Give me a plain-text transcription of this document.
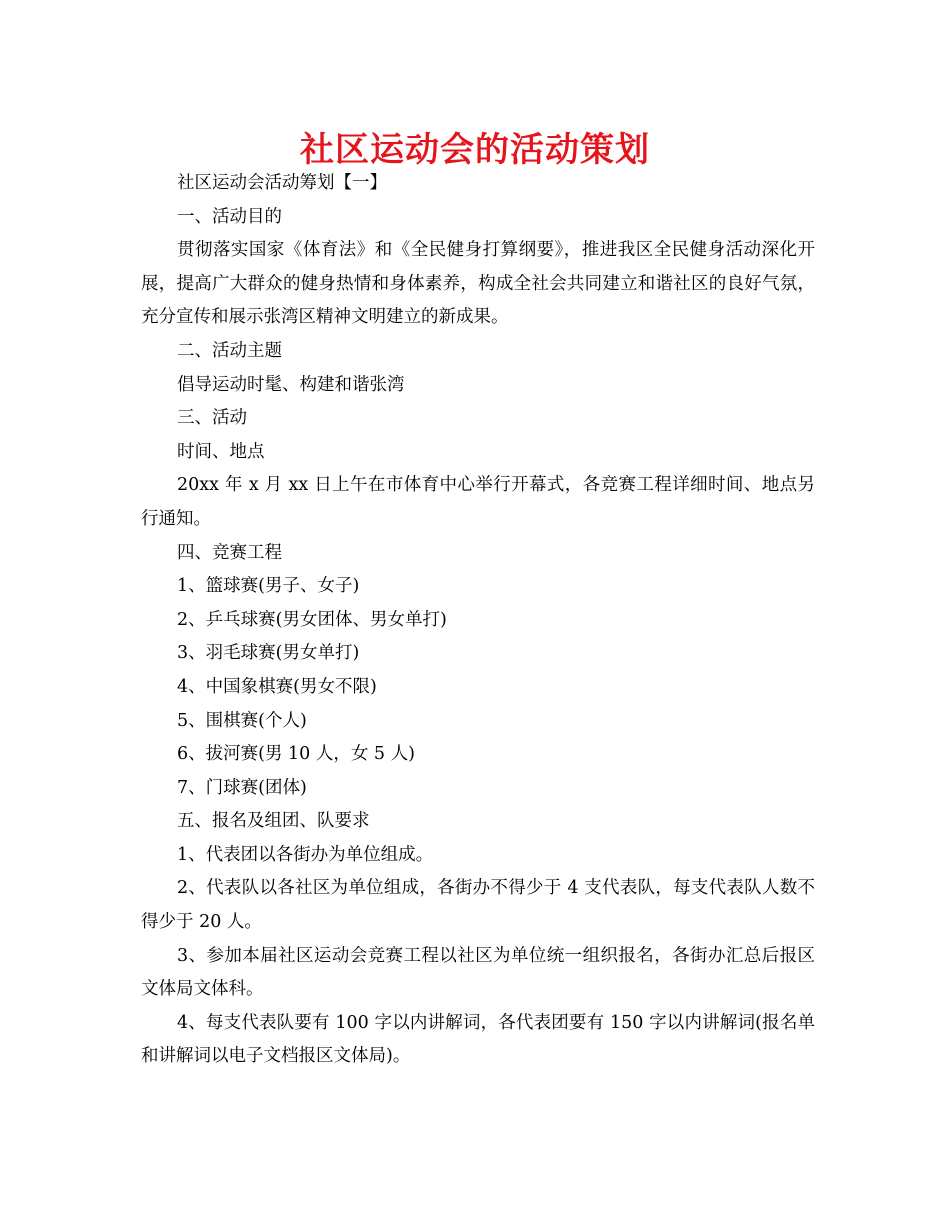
社区运动会的活动策划

社区运动会活动筹划【一】

一、活动目的

贯彻落实国家《体育法》和《全民健身打算纲要》，推进我区全民健身活动深化开展，提高广大群众的健身热情和身体素养，构成全社会共同建立和谐社区的良好气氛，充分宣传和展示张湾区精神文明建立的新成果。

二、活动主题

倡导运动时髦、构建和谐张湾

三、活动

时间、地点

20xx 年 x 月 xx 日上午在市体育中心举行开幕式，各竞赛工程详细时间、地点另行通知。

四、竞赛工程

1、篮球赛(男子、女子)

2、乒乓球赛(男女团体、男女单打)

3、羽毛球赛(男女单打)

4、中国象棋赛(男女不限)

5、围棋赛(个人)

6、拔河赛(男 10 人，女 5 人)

7、门球赛(团体)

五、报名及组团、队要求

1、代表团以各街办为单位组成。

2、代表队以各社区为单位组成，各街办不得少于 4 支代表队，每支代表队人数不得少于 20 人。

3、参加本届社区运动会竞赛工程以社区为单位统一组织报名，各街办汇总后报区文体局文体科。

4、每支代表队要有 100 字以内讲解词，各代表团要有 150 字以内讲解词(报名单和讲解词以电子文档报区文体局)。
